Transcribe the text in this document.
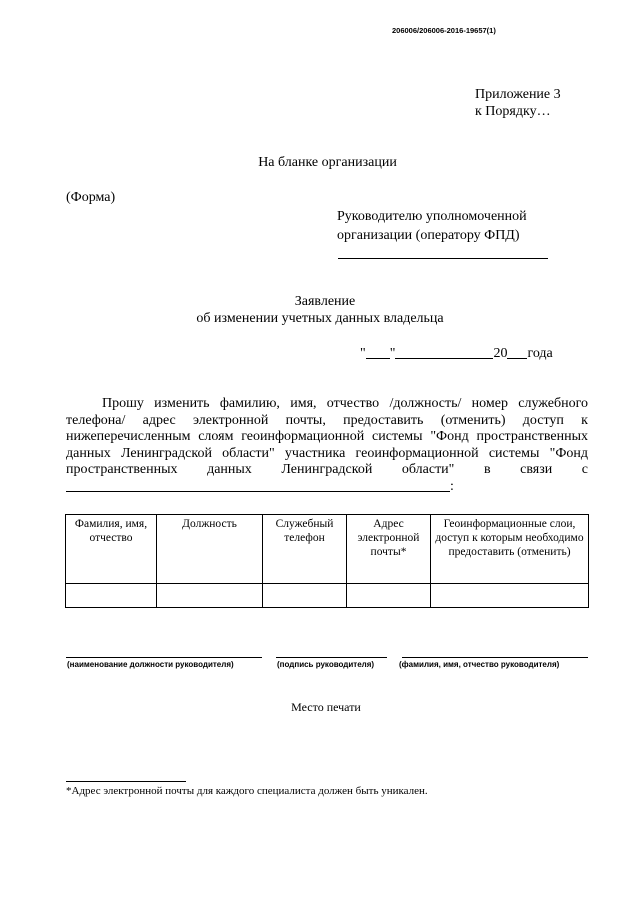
206006/206006-2016-19657(1)
Приложение 3
к Порядку…
На бланке организации
(Форма)
Руководителю уполномоченной
организации (оператору ФПД)
Заявление
об изменении учетных данных владельца
" "	20 года
Прошу изменить фамилию, имя, отчество /должность/ номер служебного телефона/ адрес электронной почты, предоставить (отменить) доступ к нижеперечисленным слоям геоинформационной системы "Фонд пространственных данных Ленинградской области" участника геоинформационной системы "Фонд пространственных данных Ленинградской области" в связи с:
Фамилия, имя, отчество	Должность	Служебный телефон	Адрес электронной почты*	Геоинформационные слои, доступ к которым необходимо предоставить (отменить)

(наименование должности руководителя)	(подпись руководителя)	(фамилия, имя, отчество руководителя)
Место печати
*Адрес электронной почты для каждого специалиста должен быть уникален.
